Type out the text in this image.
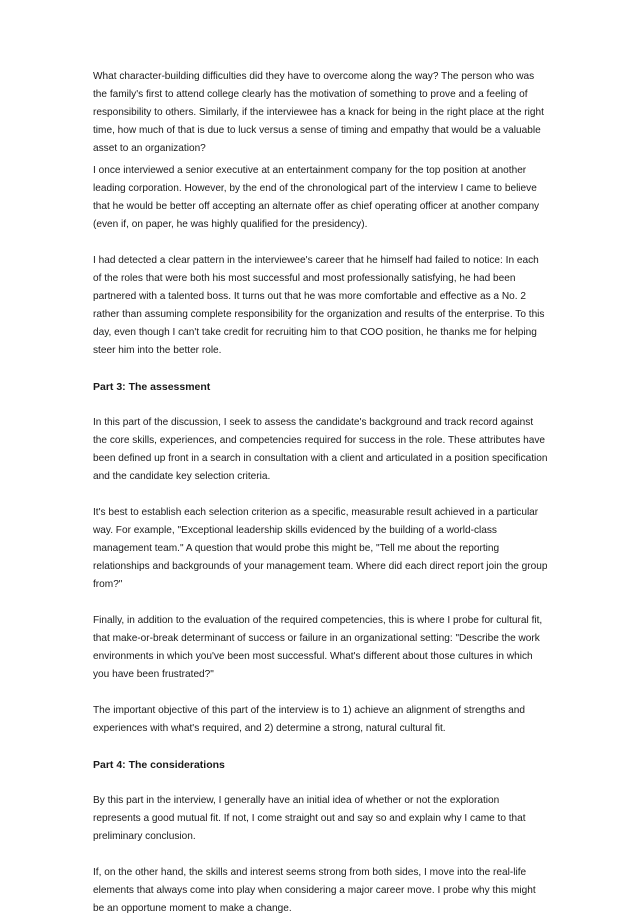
What character-building difficulties did they have to overcome along the way? The person who was the family's first to attend college clearly has the motivation of something to prove and a feeling of responsibility to others. Similarly, if the interviewee has a knack for being in the right place at the right time, how much of that is due to luck versus a sense of timing and empathy that would be a valuable asset to an organization?

I once interviewed a senior executive at an entertainment company for the top position at another leading corporation. However, by the end of the chronological part of the interview I came to believe that he would be better off accepting an alternate offer as chief operating officer at another company (even if, on paper, he was highly qualified for the presidency).

I had detected a clear pattern in the interviewee's career that he himself had failed to notice: In each of the roles that were both his most successful and most professionally satisfying, he had been partnered with a talented boss. It turns out that he was more comfortable and effective as a No. 2 rather than assuming complete responsibility for the organization and results of the enterprise. To this day, even though I can't take credit for recruiting him to that COO position, he thanks me for helping steer him into the better role.

Part 3: The assessment

In this part of the discussion, I seek to assess the candidate's background and track record against the core skills, experiences, and competencies required for success in the role. These attributes have been defined up front in a search in consultation with a client and articulated in a position specification and the candidate key selection criteria.

It's best to establish each selection criterion as a specific, measurable result achieved in a particular way. For example, "Exceptional leadership skills evidenced by the building of a world-class management team." A question that would probe this might be, "Tell me about the reporting relationships and backgrounds of your management team. Where did each direct report join the group from?"

Finally, in addition to the evaluation of the required competencies, this is where I probe for cultural fit, that make-or-break determinant of success or failure in an organizational setting: "Describe the work environments in which you've been most successful. What's different about those cultures in which you have been frustrated?"

The important objective of this part of the interview is to 1) achieve an alignment of strengths and experiences with what's required, and 2) determine a strong, natural cultural fit.

Part 4: The considerations

By this part in the interview, I generally have an initial idea of whether or not the exploration represents a good mutual fit. If not, I come straight out and say so and explain why I came to that preliminary conclusion.

If, on the other hand, the skills and interest seems strong from both sides, I move into the real-life elements that always come into play when considering a major career move. I probe why this might be an opportune moment to make a change.
